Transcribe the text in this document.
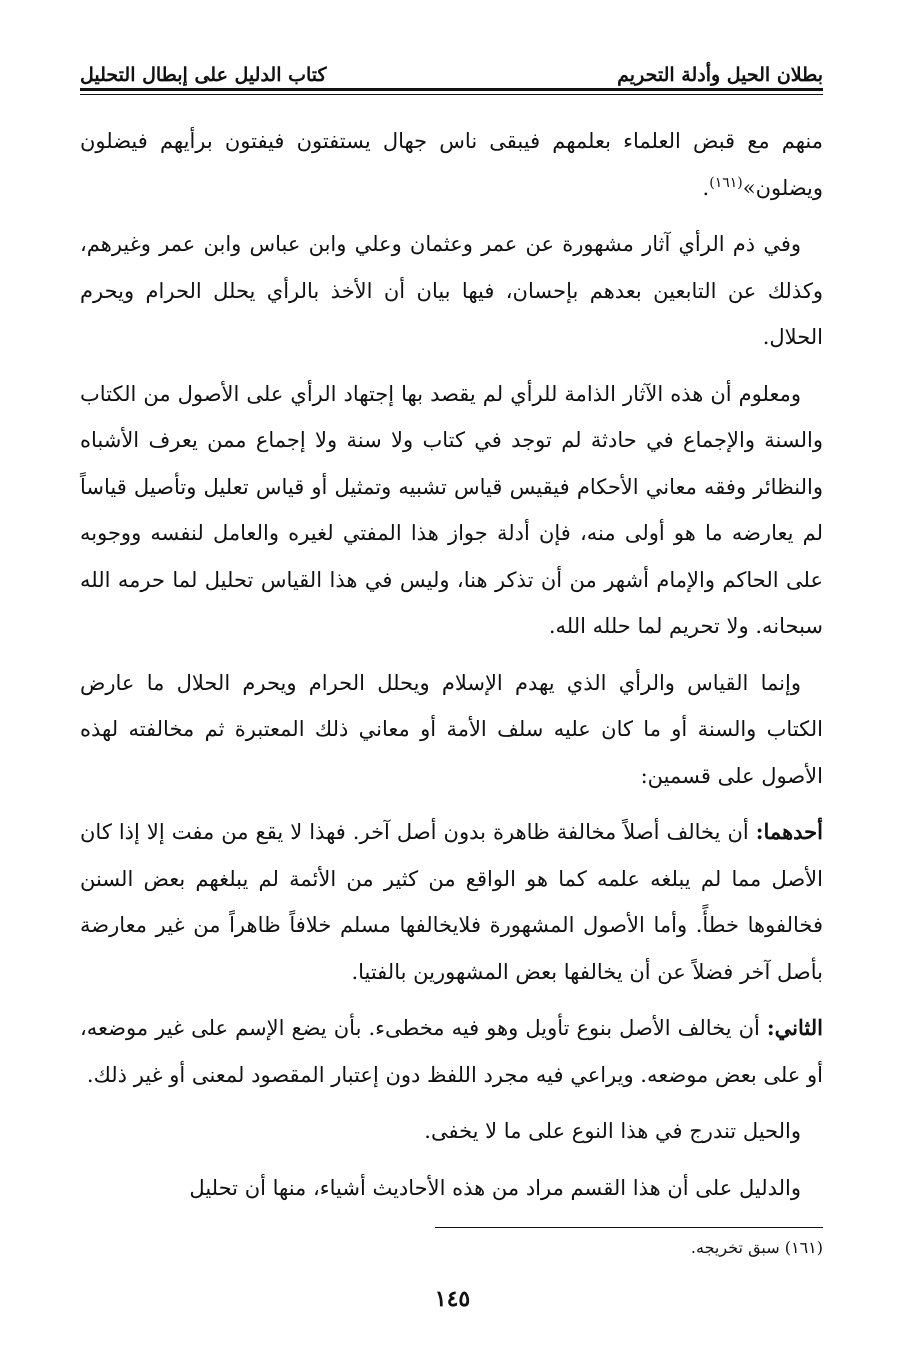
بطلان الحيل وأدلة التحريم
كتاب الدليل على إبطال التحليل

منهم مع قبض العلماء بعلمهم فيبقى ناس جهال يستفتون فيفتون برأيهم فيضلون ويضلون»$^{(١٦١)}$.

وفي ذم الرأي آثار مشهورة عن عمر وعثمان وعلي وابن عباس وابن عمر وغيرهم، وكذلك عن التابعين بعدهم بإحسان، فيها بيان أن الأخذ بالرأي يحلل الحرام ويحرم الحلال.

ومعلوم أن هذه الآثار الذامة للرأي لم يقصد بها إجتهاد الرأي على الأصول من الكتاب والسنة والإجماع في حادثة لم توجد في كتاب ولا سنة ولا إجماع ممن يعرف الأشباه والنظائر وفقه معاني الأحكام فيقيس قياس تشبيه وتمثيل أو قياس تعليل وتأصيل قياساً لم يعارضه ما هو أولى منه، فإن أدلة جواز هذا المفتي لغيره والعامل لنفسه ووجوبه على الحاكم والإمام أشهر من أن تذكر هنا، وليس في هذا القياس تحليل لما حرمه الله سبحانه. ولا تحريم لما حلله الله.

وإنما القياس والرأي الذي يهدم الإسلام ويحلل الحرام ويحرم الحلال ما عارض الكتاب والسنة أو ما كان عليه سلف الأمة أو معاني ذلك المعتبرة ثم مخالفته لهذه الأصول على قسمين:

أحدهما: أن يخالف أصلاً مخالفة ظاهرة بدون أصل آخر. فهذا لا يقع من مفت إلا إذا كان الأصل مما لم يبلغه علمه كما هو الواقع من كثير من الأئمة لم يبلغهم بعض السنن فخالفوها خطأً. وأما الأصول المشهورة فلايخالفها مسلم خلافاً ظاهراً من غير معارضة بأصل آخر فضلاً عن أن يخالفها بعض المشهورين بالفتيا.

الثاني: أن يخالف الأصل بنوع تأويل وهو فيه مخطىء. بأن يضع الإسم على غير موضعه، أو على بعض موضعه. ويراعي فيه مجرد اللفظ دون إعتبار المقصود لمعنى أو غير ذلك.

والحيل تندرج في هذا النوع على ما لا يخفى.

والدليل على أن هذا القسم مراد من هذه الأحاديث أشياء، منها أن تحليل

(١٦١) سبق تخريجه.
١٤٥
